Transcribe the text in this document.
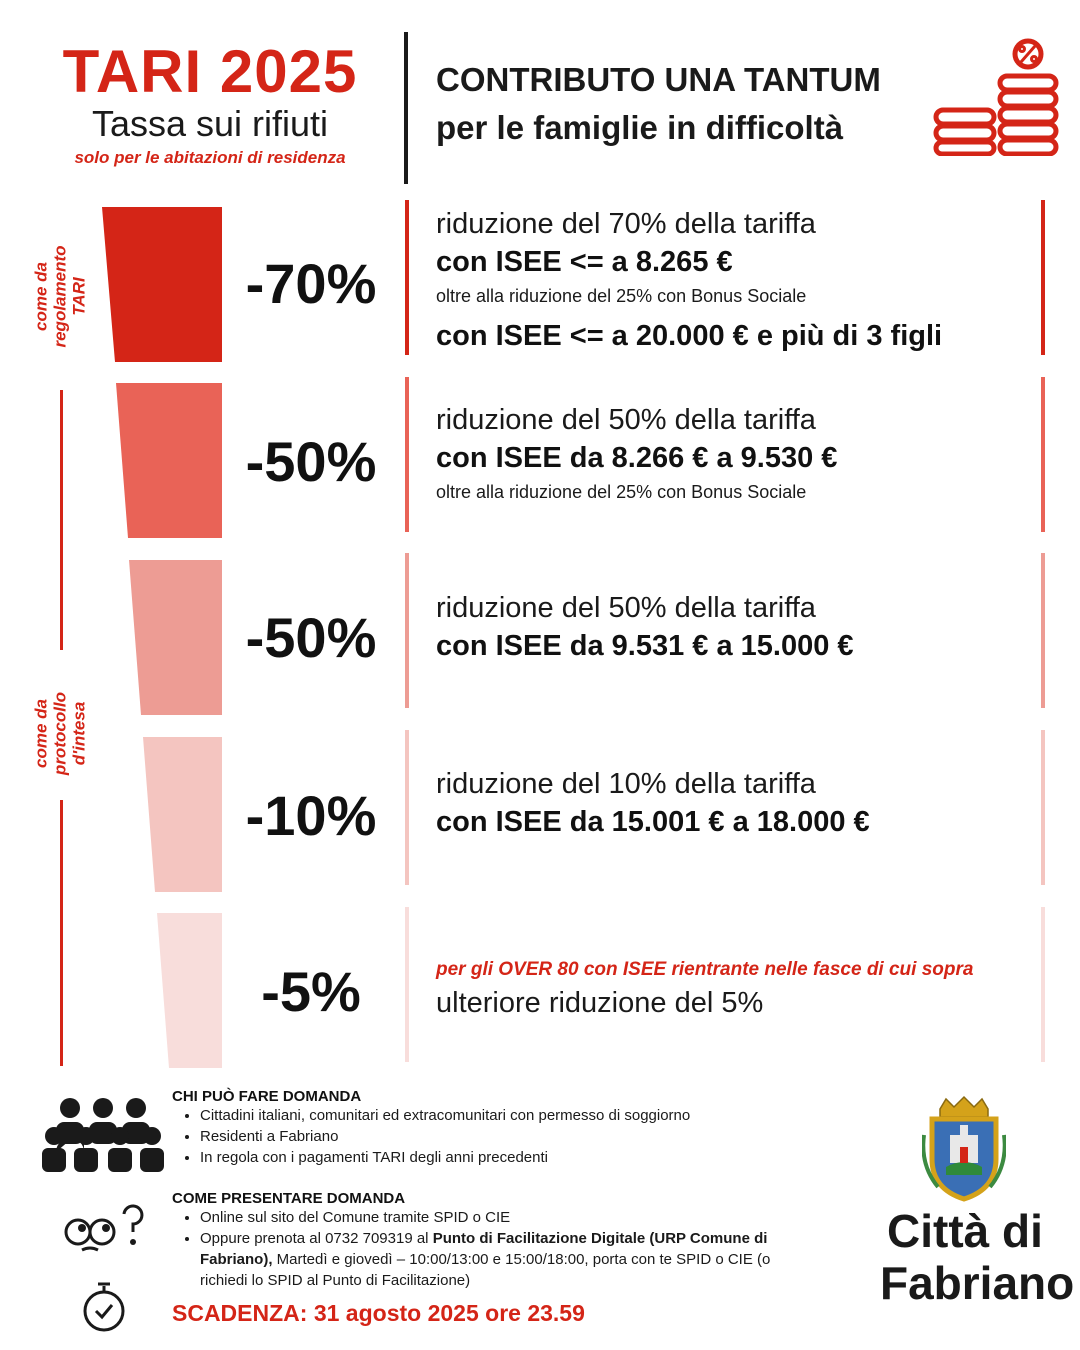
TARI 2025
Tassa sui rifiuti
solo per le abitazioni di residenza
CONTRIBUTO UNA TANTUM
per le famiglie in difficoltà
come da regolamento TARI
come da protocollo d'intesa
-70%
riduzione del 70% della tariffa
con ISEE <= a 8.265 €
oltre alla riduzione del 25% con Bonus Sociale
con ISEE <= a 20.000 € e più di 3 figli
-50%
riduzione del 50% della tariffa
con ISEE da 8.266 € a 9.530 €
oltre alla riduzione del 25% con Bonus Sociale
-50%	riduzione del 50% della tariffa
con ISEE da 9.531 € a 15.000 €
-10%	riduzione del 10% della tariffa
con ISEE da 15.001 € a 18.000 €
-5%	per gli OVER 80 con ISEE rientrante nelle fasce di cui sopra
ulteriore riduzione del 5%
CHI PUÒ FARE DOMANDA
• Cittadini italiani, comunitari ed extracomunitari con permesso di soggiorno
• Residenti a Fabriano
• In regola con i pagamenti TARI degli anni precedenti
COME PRESENTARE DOMANDA
• Online sul sito del Comune tramite SPID o CIE
• Oppure prenota al 0732 709319 al Punto di Facilitazione Digitale (URP Comune di Fabriano), Martedì e giovedì – 10:00/13:00 e 15:00/18:00, porta con te SPID o CIE (o richiedi lo SPID al Punto di Facilitazione)
SCADENZA: 31 agosto 2025 ore 23.59
Città di
Fabriano
